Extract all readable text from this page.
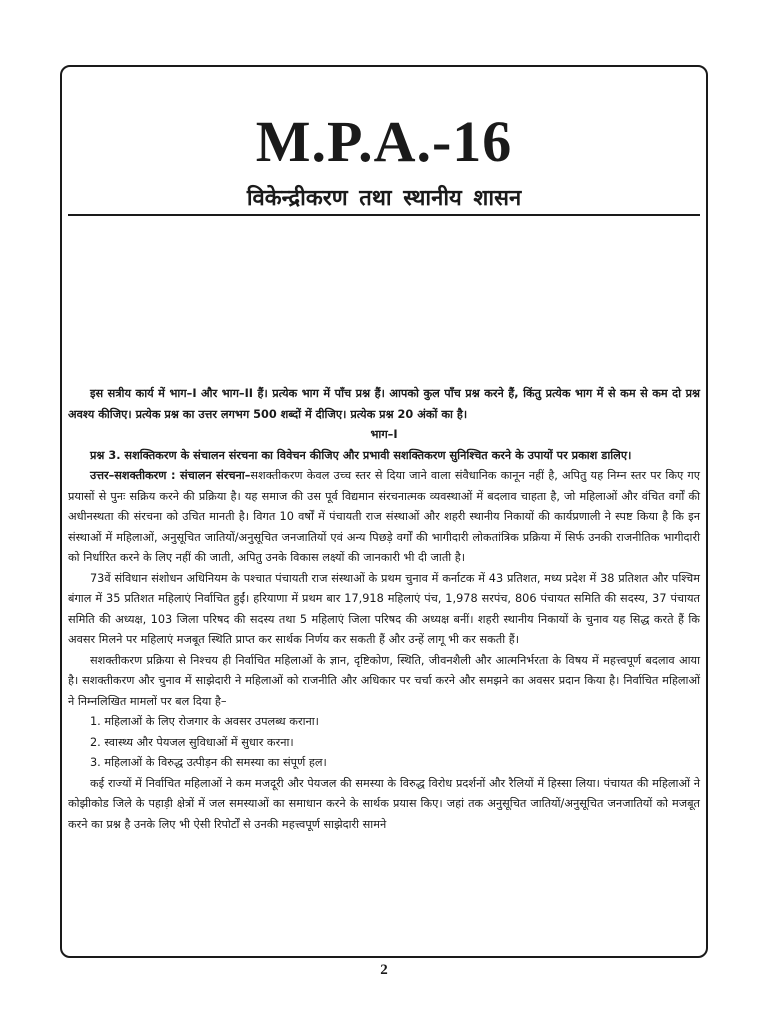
M.P.A.-16
विकेन्द्रीकरण तथा स्थानीय शासन

इस सत्रीय कार्य में भाग–I और भाग–II हैं। प्रत्येक भाग में पाँच प्रश्न हैं। आपको कुल पाँच प्रश्न करने हैं, किंतु प्रत्येक भाग में से कम से कम दो प्रश्न अवश्य कीजिए। प्रत्येक प्रश्न का उत्तर लगभग 500 शब्दों में दीजिए। प्रत्येक प्रश्न 20 अंकों का है।

भाग–I

प्रश्न 3. सशक्तिकरण के संचालन संरचना का विवेचन कीजिए और प्रभावी सशक्तिकरण सुनिश्चित करने के उपायों पर प्रकाश डालिए।

उत्तर–सशक्तीकरण : संचालन संरचना–सशक्तीकरण केवल उच्च स्तर से दिया जाने वाला संवैधानिक कानून नहीं है, अपितु यह निम्न स्तर पर किए गए प्रयासों से पुनः सक्रिय करने की प्रक्रिया है। यह समाज की उस पूर्व विद्यमान संरचनात्मक व्यवस्थाओं में बदलाव चाहता है, जो महिलाओं और वंचित वर्गों की अधीनस्थता की संरचना को उचित मानती है। विगत 10 वर्षों में पंचायती राज संस्थाओं और शहरी स्थानीय निकायों की कार्यप्रणाली ने स्पष्ट किया है कि इन संस्थाओं में महिलाओं, अनुसूचित जातियों/अनुसूचित जनजातियों एवं अन्य पिछड़े वर्गों की भागीदारी लोकतांत्रिक प्रक्रिया में सिर्फ उनकी राजनीतिक भागीदारी को निर्धारित करने के लिए नहीं की जाती, अपितु उनके विकास लक्ष्यों की जानकारी भी दी जाती है।

73वें संविधान संशोधन अधिनियम के पश्चात पंचायती राज संस्थाओं के प्रथम चुनाव में कर्नाटक में 43 प्रतिशत, मध्य प्रदेश में 38 प्रतिशत और पश्चिम बंगाल में 35 प्रतिशत महिलाएं निर्वाचित हुईं। हरियाणा में प्रथम बार 17,918 महिलाएं पंच, 1,978 सरपंच, 806 पंचायत समिति की सदस्य, 37 पंचायत समिति की अध्यक्ष, 103 जिला परिषद की सदस्य तथा 5 महिलाएं जिला परिषद की अध्यक्ष बनीं। शहरी स्थानीय निकायों के चुनाव यह सिद्ध करते हैं कि अवसर मिलने पर महिलाएं मजबूत स्थिति प्राप्त कर सार्थक निर्णय कर सकती हैं और उन्हें लागू भी कर सकती हैं।

सशक्तीकरण प्रक्रिया से निश्चय ही निर्वाचित महिलाओं के ज्ञान, दृष्टिकोण, स्थिति, जीवनशैली और आत्मनिर्भरता के विषय में महत्त्वपूर्ण बदलाव आया है। सशक्तीकरण और चुनाव में साझेदारी ने महिलाओं को राजनीति और अधिकार पर चर्चा करने और समझने का अवसर प्रदान किया है। निर्वाचित महिलाओं ने निम्नलिखित मामलों पर बल दिया है–

1. महिलाओं के लिए रोजगार के अवसर उपलब्ध कराना।

2. स्वास्थ्य और पेयजल सुविधाओं में सुधार करना।

3. महिलाओं के विरुद्ध उत्पीड़न की समस्या का संपूर्ण हल।

कई राज्यों में निर्वाचित महिलाओं ने कम मजदूरी और पेयजल की समस्या के विरुद्ध विरोध प्रदर्शनों और रैलियों में हिस्सा लिया। पंचायत की महिलाओं ने कोझीकोड जिले के पहाड़ी क्षेत्रों में जल समस्याओं का समाधान करने के सार्थक प्रयास किए। जहां तक अनुसूचित जातियों/अनुसूचित जनजातियों को मजबूत करने का प्रश्न है उनके लिए भी ऐसी रिपोर्टों से उनकी महत्त्वपूर्ण साझेदारी सामने

2
